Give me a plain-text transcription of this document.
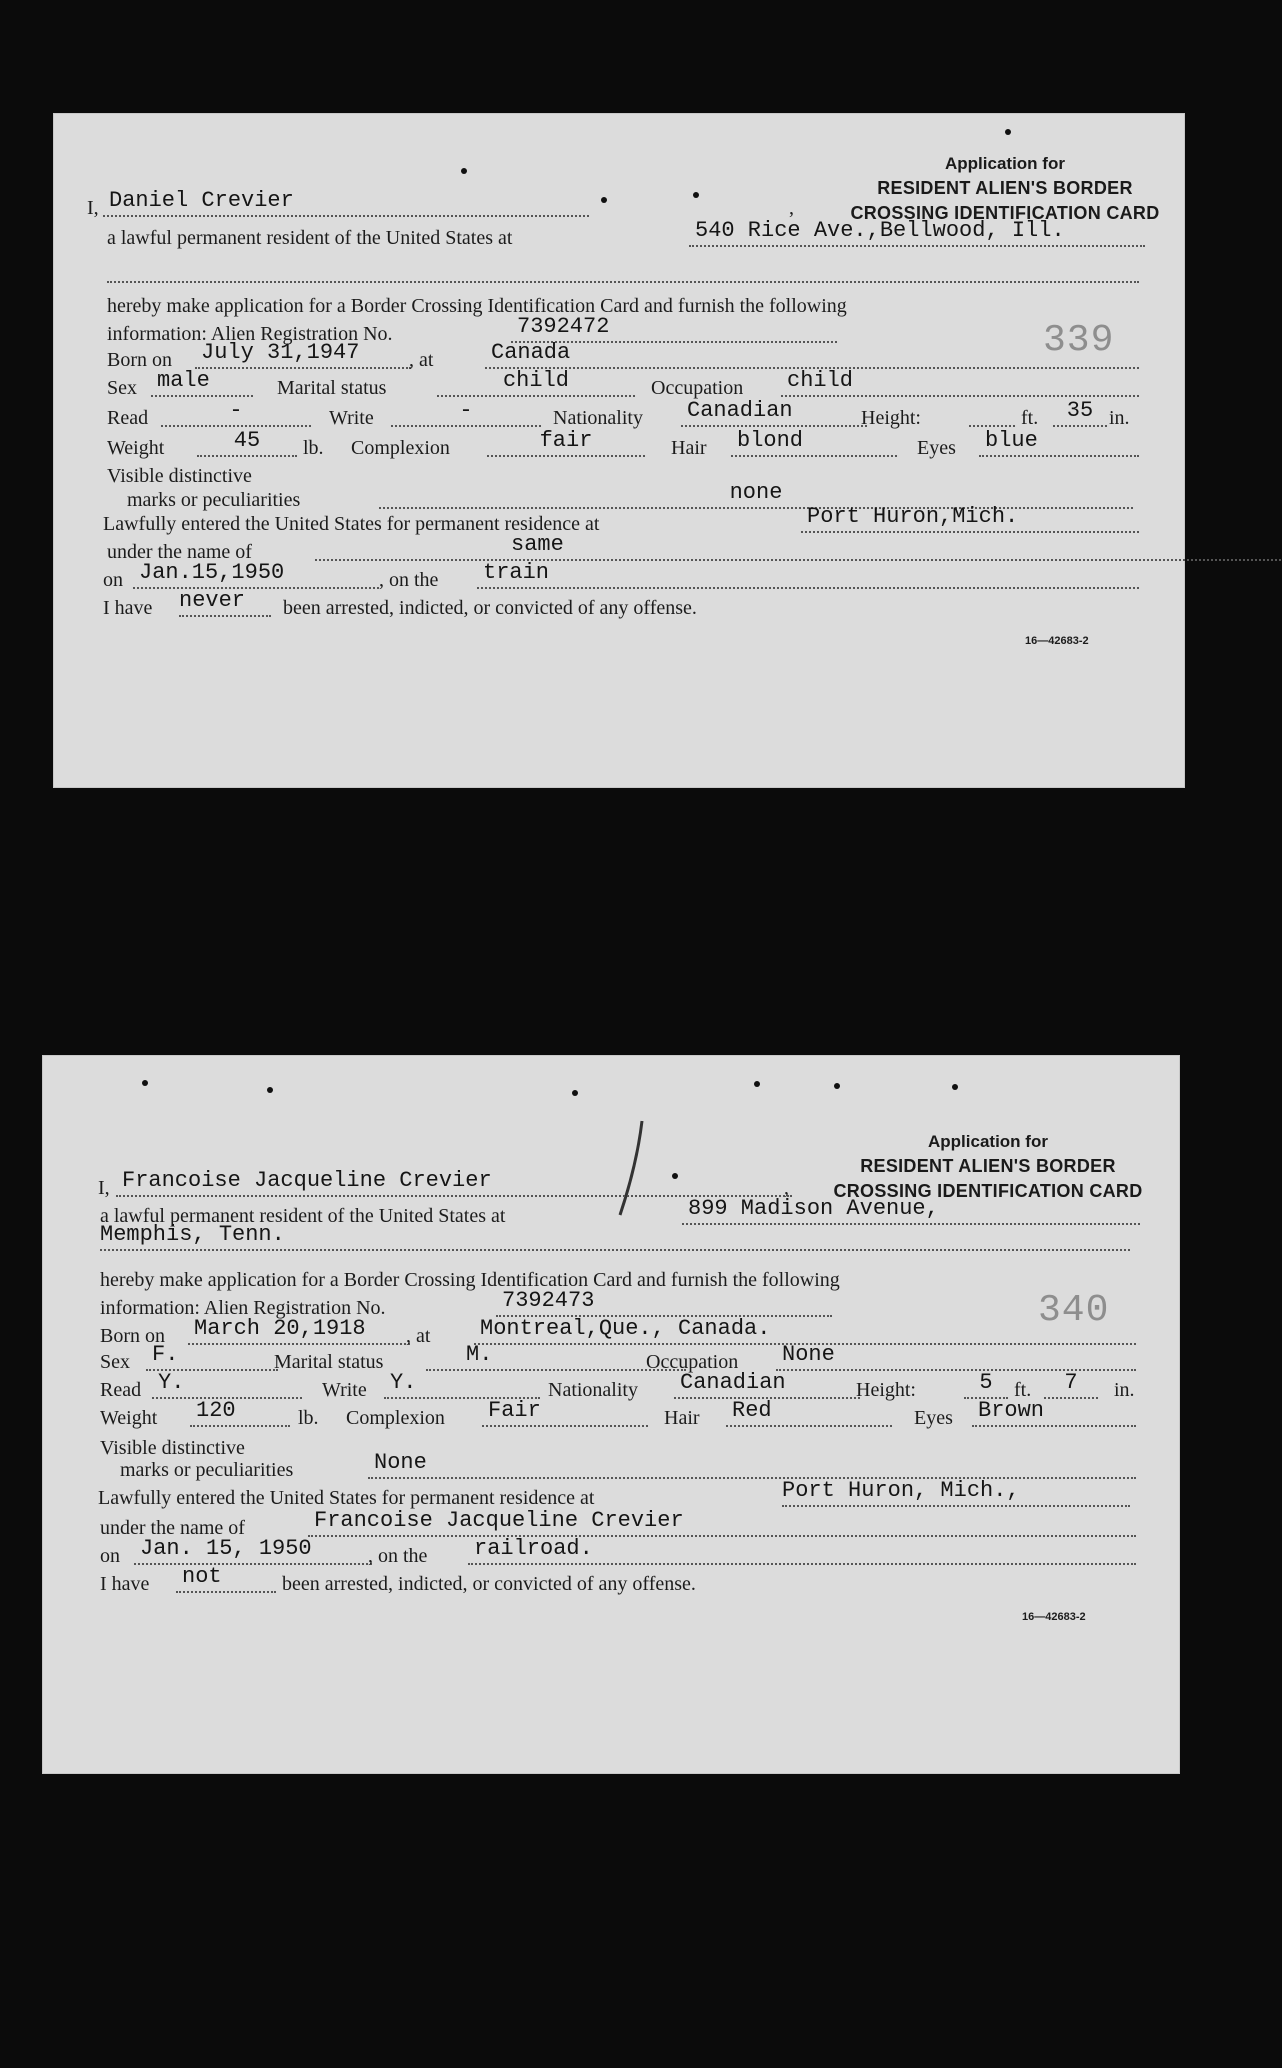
Application for
RESIDENT ALIEN'S BORDER
CROSSING IDENTIFICATION CARD
I, Daniel Crevier	,
a lawful permanent resident of the United States at	540 Rice Ave.,Bellwood, Ill.
hereby make application for a Border Crossing Identification Card and furnish the following
information: Alien Registration No.	7392472	339
Born on July 31,1947	, at	Canada
Sex male	Marital status	child	Occupation child
Read	-	Write	-	Nationality Canadian	Height:	ft.	35 in.
Weight	45	lb. Complexion	fair	Hair blond	Eyes blue
Visible distinctive
marks or peculiarities	none
Lawfully entered the United States for permanent residence at	Port Huron,Mich.
under the name of	same
on Jan.15,1950	, on the train
I have never	been arrested, indicted, or convicted of any offense.
16—42683-2
Application for
RESIDENT ALIEN'S BORDER
CROSSING IDENTIFICATION CARD
I, Francoise Jacqueline Crevier	,
a lawful permanent resident of the United States at	899 Madison Avenue,
Memphis, Tenn.
hereby make application for a Border Crossing Identification Card and furnish the following
information: Alien Registration No.	7392473	340
Born on March 20,1918	, at Montreal,Que., Canada.
Sex F.	Marital status	M.	Occupation None
Read Y.	Write Y.	Nationality Canadian	Height:	5	ft.	7	in.
Weight 120	lb. Complexion Fair	Hair Red	Eyes Brown
Visible distinctive
marks or peculiarities	None
Lawfully entered the United States for permanent residence at	Port Huron, Mich.,
under the name of	Francoise Jacqueline Crevier
on Jan. 15, 1950	, on the railroad.
I have not	been arrested, indicted, or convicted of any offense.
16—42683-2
